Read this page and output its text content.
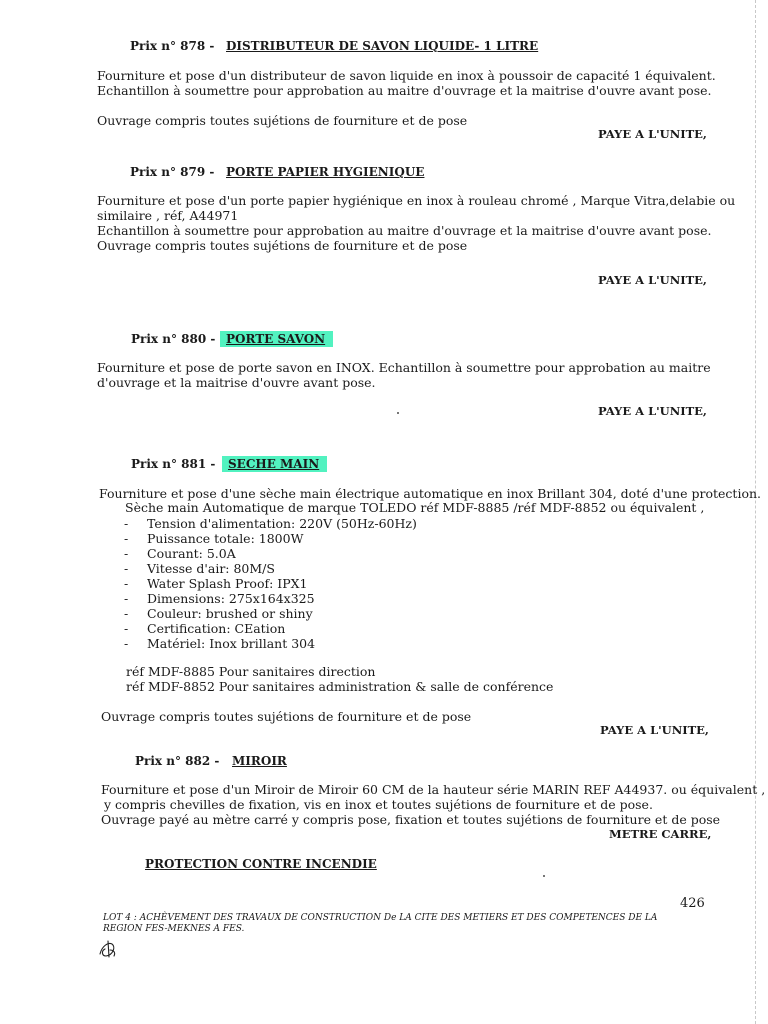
Prix n° 878 - DISTRIBUTEUR DE SAVON LIQUIDE- 1 LITRE
Fourniture et pose d'un distributeur de savon liquide en inox à poussoir de capacité 1 équivalent.
Echantillon à soumettre pour approbation au maitre d'ouvrage et la maitrise d'ouvre avant pose.
Ouvrage compris toutes sujétions de fourniture et de pose
PAYE A L'UNITE,
Prix n° 879 - PORTE PAPIER HYGIENIQUE
Fourniture et pose d'un porte papier hygiénique en inox à rouleau chromé , Marque Vitra,delabie ou
similaire , réf, A44971
Echantillon à soumettre pour approbation au maitre d'ouvrage et la maitrise d'ouvre avant pose.
Ouvrage compris toutes sujétions de fourniture et de pose
PAYE A L'UNITE,
Prix n° 880 - PORTE SAVON
Fourniture et pose de porte savon en INOX. Echantillon à soumettre pour approbation au maitre
d'ouvrage et la maitrise d'ouvre avant pose.
PAYE A L'UNITE,
Prix n° 881 -	SECHE MAIN
Fourniture et pose d'une sèche main électrique automatique en inox Brillant 304, doté d'une protection.
Sèche main Automatique de marque TOLEDO réf MDF-8885 /réf MDF-8852 ou équivalent ,
- Tension d'alimentation: 220V (50Hz-60Hz)
- Puissance totale: 1800W
- Courant: 5.0A
- Vitesse d'air: 80M/S
- Water Splash Proof: IPX1
- Dimensions: 275x164x325
- Couleur: brushed or shiny
- Certification: CEation
- Matériel: Inox brillant 304
réf MDF-8885 Pour sanitaires direction
réf MDF-8852 Pour sanitaires administration & salle de conférence
Ouvrage compris toutes sujétions de fourniture et de pose
PAYE A L'UNITE,
Prix n° 882 - MIROIR
Fourniture et pose d'un Miroir de Miroir 60 CM de la hauteur série MARIN REF A44937. ou équivalent ,
y compris chevilles de fixation, vis en inox et toutes sujétions de fourniture et de pose.
Ouvrage payé au mètre carré y compris pose, fixation et toutes sujétions de fourniture et de pose
METRE CARRE,
PROTECTION CONTRE INCENDIE
426
LOT 4 : ACHÈVEMENT DES TRAVAUX DE CONSTRUCTION De LA CITE DES METIERS ET DES COMPETENCES DE LA REGION FES-MEKNES A FES.
